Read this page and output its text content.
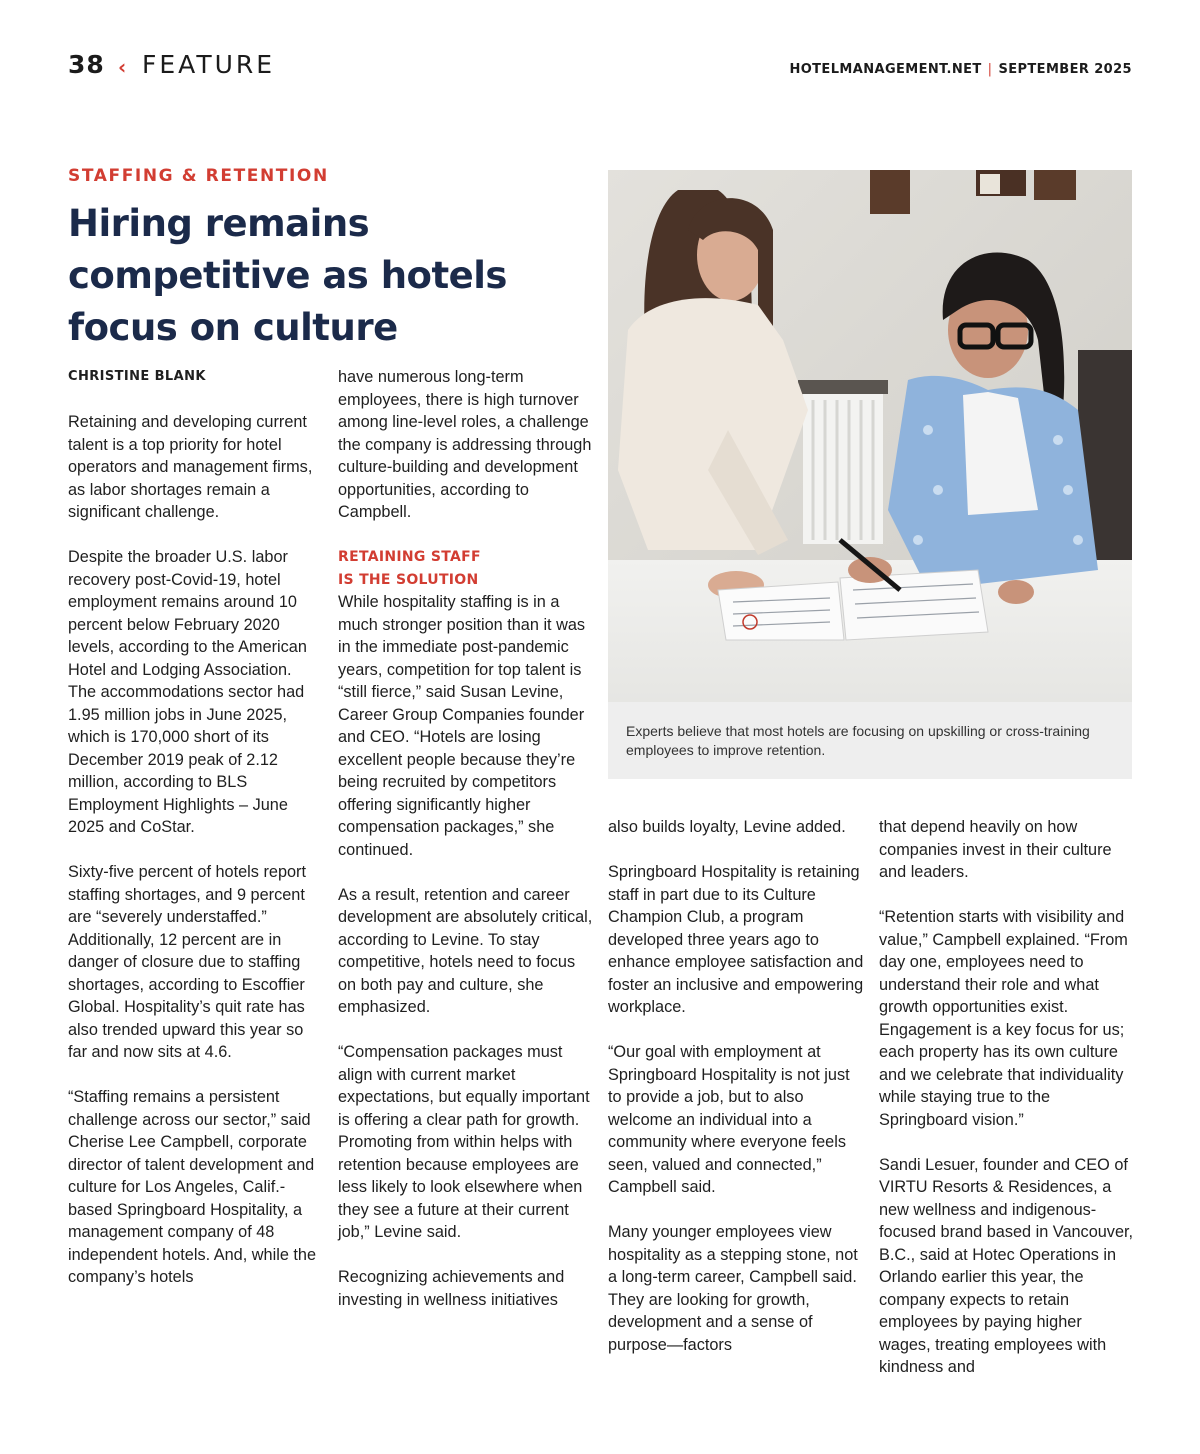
38 ‹ FEATURE	HOTELMANAGEMENT.NET | SEPTEMBER 2025
STAFFING & RETENTION
Hiring remains
competitive as hotels
focus on culture
CHRISTINE BLANK

Retaining and developing current talent is a top priority for hotel operators and management firms, as labor shortages remain a significant challenge.

Despite the broader U.S. labor recovery post-Covid-19, hotel employment remains around 10 percent below February 2020 levels, according to the American Hotel and Lodging Association. The accommodations sector had 1.95 million jobs in June 2025, which is 170,000 short of its December 2019 peak of 2.12 million, according to BLS Employment Highlights – June 2025 and CoStar.

Sixty-five percent of hotels report staffing shortages, and 9 percent are “severely understaffed.” Additionally, 12 percent are in danger of closure due to staffing shortages, according to Escoffier Global. Hospitality’s quit rate has also trended upward this year so far and now sits at 4.6.

“Staffing remains a persistent challenge across our sector,” said Cherise Lee Campbell, corporate director of talent development and culture for Los Angeles, Calif.-based Springboard Hospitality, a management company of 48 independent hotels. And, while the company’s hotels

have numerous long-term employees, there is high turnover among line-level roles, a challenge the company is addressing through culture-building and development opportunities, according to Campbell.

RETAINING STAFF
IS THE SOLUTION

While hospitality staffing is in a much stronger position than it was in the immediate post-pandemic years, competition for top talent is “still fierce,” said Susan Levine, Career Group Companies founder and CEO. “Hotels are losing excellent people because they’re being recruited by competitors offering significantly higher compensation packages,” she continued.

As a result, retention and career development are absolutely critical, according to Levine. To stay competitive, hotels need to focus on both pay and culture, she emphasized.

“Compensation packages must align with current market expectations, but equally important is offering a clear path for growth. Promoting from within helps with retention because employees are less likely to look elsewhere when they see a future at their current job,” Levine said.

Recognizing achievements and investing in wellness initiatives

Experts believe that most hotels are focusing on upskilling or cross-training employees to improve retention.

also builds loyalty, Levine added.

Springboard Hospitality is retaining staff in part due to its Culture Champion Club, a program developed three years ago to enhance employee satisfaction and foster an inclusive and empowering workplace.

“Our goal with employment at Springboard Hospitality is not just to provide a job, but to also welcome an individual into a community where everyone feels seen, valued and connected,” Campbell said.

Many younger employees view hospitality as a stepping stone, not a long-term career, Campbell said. They are looking for growth, development and a sense of purpose—factors

that depend heavily on how companies invest in their culture and leaders.

“Retention starts with visibility and value,” Campbell explained. “From day one, employees need to understand their role and what growth opportunities exist. Engagement is a key focus for us; each property has its own culture and we celebrate that individuality while staying true to the Springboard vision.”

Sandi Lesuer, founder and CEO of VIRTU Resorts & Residences, a new wellness and indigenous-focused brand based in Vancouver, B.C., said at Hotec Operations in Orlando earlier this year, the company expects to retain employees by paying higher wages, treating employees with kindness and
